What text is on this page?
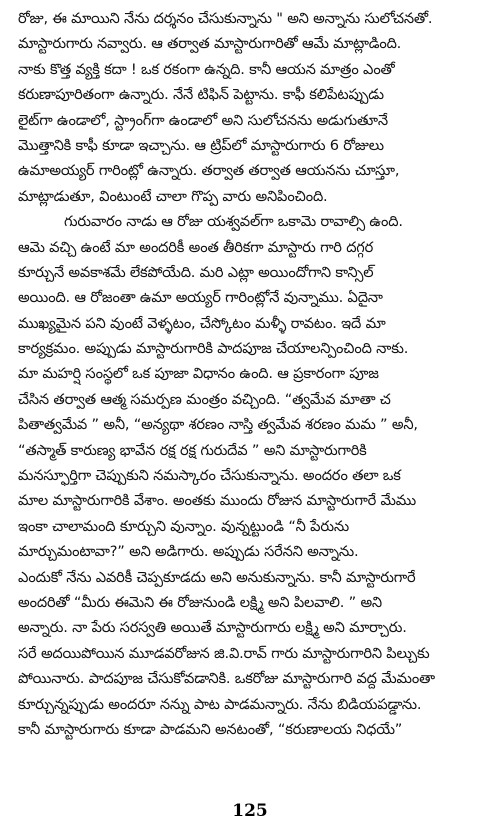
రోజు, ఈ మాయిని నేను దర్శనం చేసుకున్నాను " అని అన్నాను సులోచనతో.
మాస్టారుగారు నవ్వారు. ఆ తర్వాత మాస్టారుగారితో ఆమే మాట్లాడింది.
నాకు కొత్త వ్యక్తి కదా ! ఒక రకంగా ఉన్నది. కానీ ఆయన మాత్రం ఎంతో
కరుణాపూరితంగా ఉన్నారు. నేనే టిఫిన్ పెట్టాను. కాఫీ కలిపేటప్పుడు
లైట్‌గా ఉండాలో, స్ట్రాంగ్‌గా ఉండాలో అని సులోచనను అడుగుతూనే
మొత్తానికి కాఫీ కూడా ఇచ్చాను. ఆ ట్రిప్‌లో మాస్టారుగారు 6 రోజులు
ఉమాఅయ్యర్ గారింట్లో ఉన్నారు. తర్వాత తర్వాత ఆయనను చూస్తూ,
మాట్లాడుతూ, వింటుంటే చాలా గొప్ప వారు అనిపించింది.
గురువారం నాడు ఆ రోజు యశ్వవల్‌గా ఒకామె రావాల్సి ఉంది.
ఆమె వచ్చి ఉంటే మా అందరికీ అంత తీరికగా మాస్టారు గారి దగ్గర
కూర్చునే అవకాశమే లేకపోయేది. మరి ఎట్లా అయిందోగాని కాన్సిల్
అయింది. ఆ రోజంతా ఉమా అయ్యర్ గారింట్లోనే వున్నాము. ఏదైనా
ముఖ్యమైన పని వుంటే వెళ్ళటం, చేస్కోటం మళ్ళీ రావటం. ఇదే మా
కార్యక్రమం. అప్పుడు మాస్టారుగారికి పాదపూజ చేయాలన్పించింది నాకు.
మా మహర్షి సంస్థలో ఒక పూజా విధానం ఉంది. ఆ ప్రకారంగా పూజ
చేసిన తర్వాత ఆత్మ సమర్పణ మంత్రం వచ్చింది. “త్వమేవ మాతా చ
పితాత్వమేవ ” అనీ, “అన్యథా శరణం నాస్తి త్వమేవ శరణం మమ ” అనీ,
“తస్మాత్ కారుణ్య భావేన రక్ష రక్ష గురుదేవ ” అని మాస్టారుగారికి
మనస్ఫూర్తిగా చెప్పుకుని నమస్కారం చేసుకున్నాను. అందరం తలా ఒక
మాల మాస్టారుగారికి వేశాం. అంతకు ముందు రోజున మాస్టారుగారే మేము
ఇంకా చాలామంది కూర్చుని వున్నాం. వున్నట్టుండి “నీ పేరును
మార్చుమంటావా?” అని అడిగారు. అప్పుడు సరేనని అన్నాను.
ఎందుకో నేను ఎవరికీ చెప్పకూడదు అని అనుకున్నాను. కానీ మాస్టారుగారే
అందరితో “మీరు ఈమెని ఈ రోజునుండి లక్ష్మి అని పిలవాలి. ” అని
అన్నారు. నా పేరు సరస్వతి అయితే మాస్టారుగారు లక్ష్మి అని మార్చారు.
సరే అదయిపోయిన మూడవరోజున జి.వి.రావ్ గారు మాస్టారుగారిని పిల్చుకు
పోయినారు. పాదపూజ చేసుకోవడానికి. ఒకరోజు మాస్టారుగారి వద్ద మేమంతా
కూర్చున్నప్పుడు అందరూ నన్ను పాట పాడమన్నారు. నేను బిడియపడ్డాను.
కానీ మాస్టారుగారు కూడా పాడమని అనటంతో, “కరుణాలయ నిధయే”
125
